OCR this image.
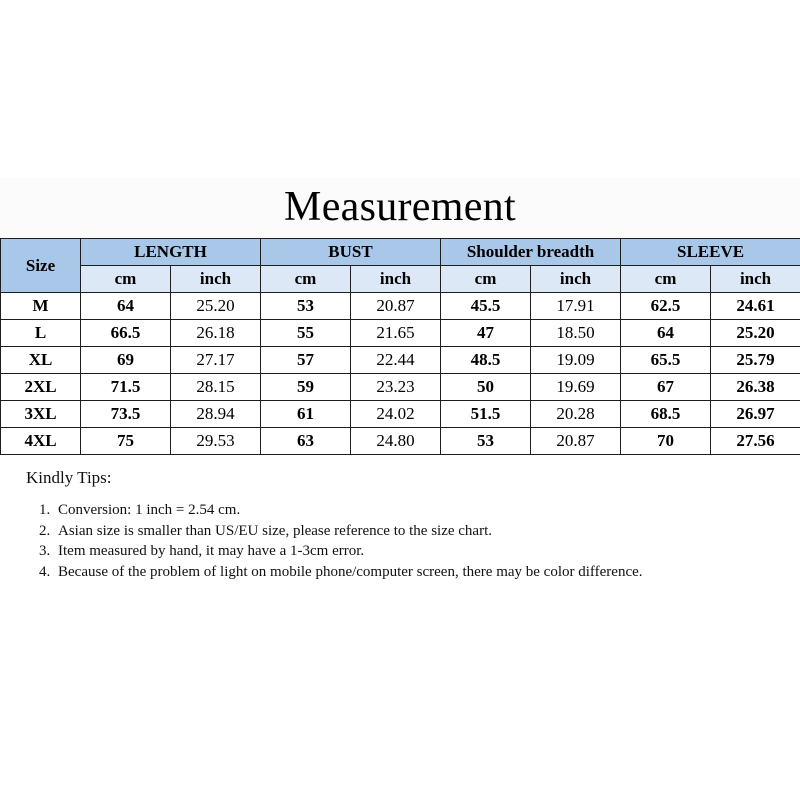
Measurement
Size	LENGTH		BUST		Shoulder breadth		SLEEVE	
	cm	inch	cm	inch	cm	inch	cm	inch
M	64	25.20	53	20.87	45.5	17.91	62.5	24.61
L	66.5	26.18	55	21.65	47	18.50	64	25.20
XL	69	27.17	57	22.44	48.5	19.09	65.5	25.79
2XL	71.5	28.15	59	23.23	50	19.69	67	26.38
3XL	73.5	28.94	61	24.02	51.5	20.28	68.5	26.97
4XL	75	29.53	63	24.80	53	20.87	70	27.56
Kindly Tips:
1. Conversion: 1 inch = 2.54 cm.
2. Asian size is smaller than US/EU size, please reference to the size chart.
3. Item measured by hand, it may have a 1-3cm error.
4. Because of the problem of light on mobile phone/computer screen, there may be color difference.
